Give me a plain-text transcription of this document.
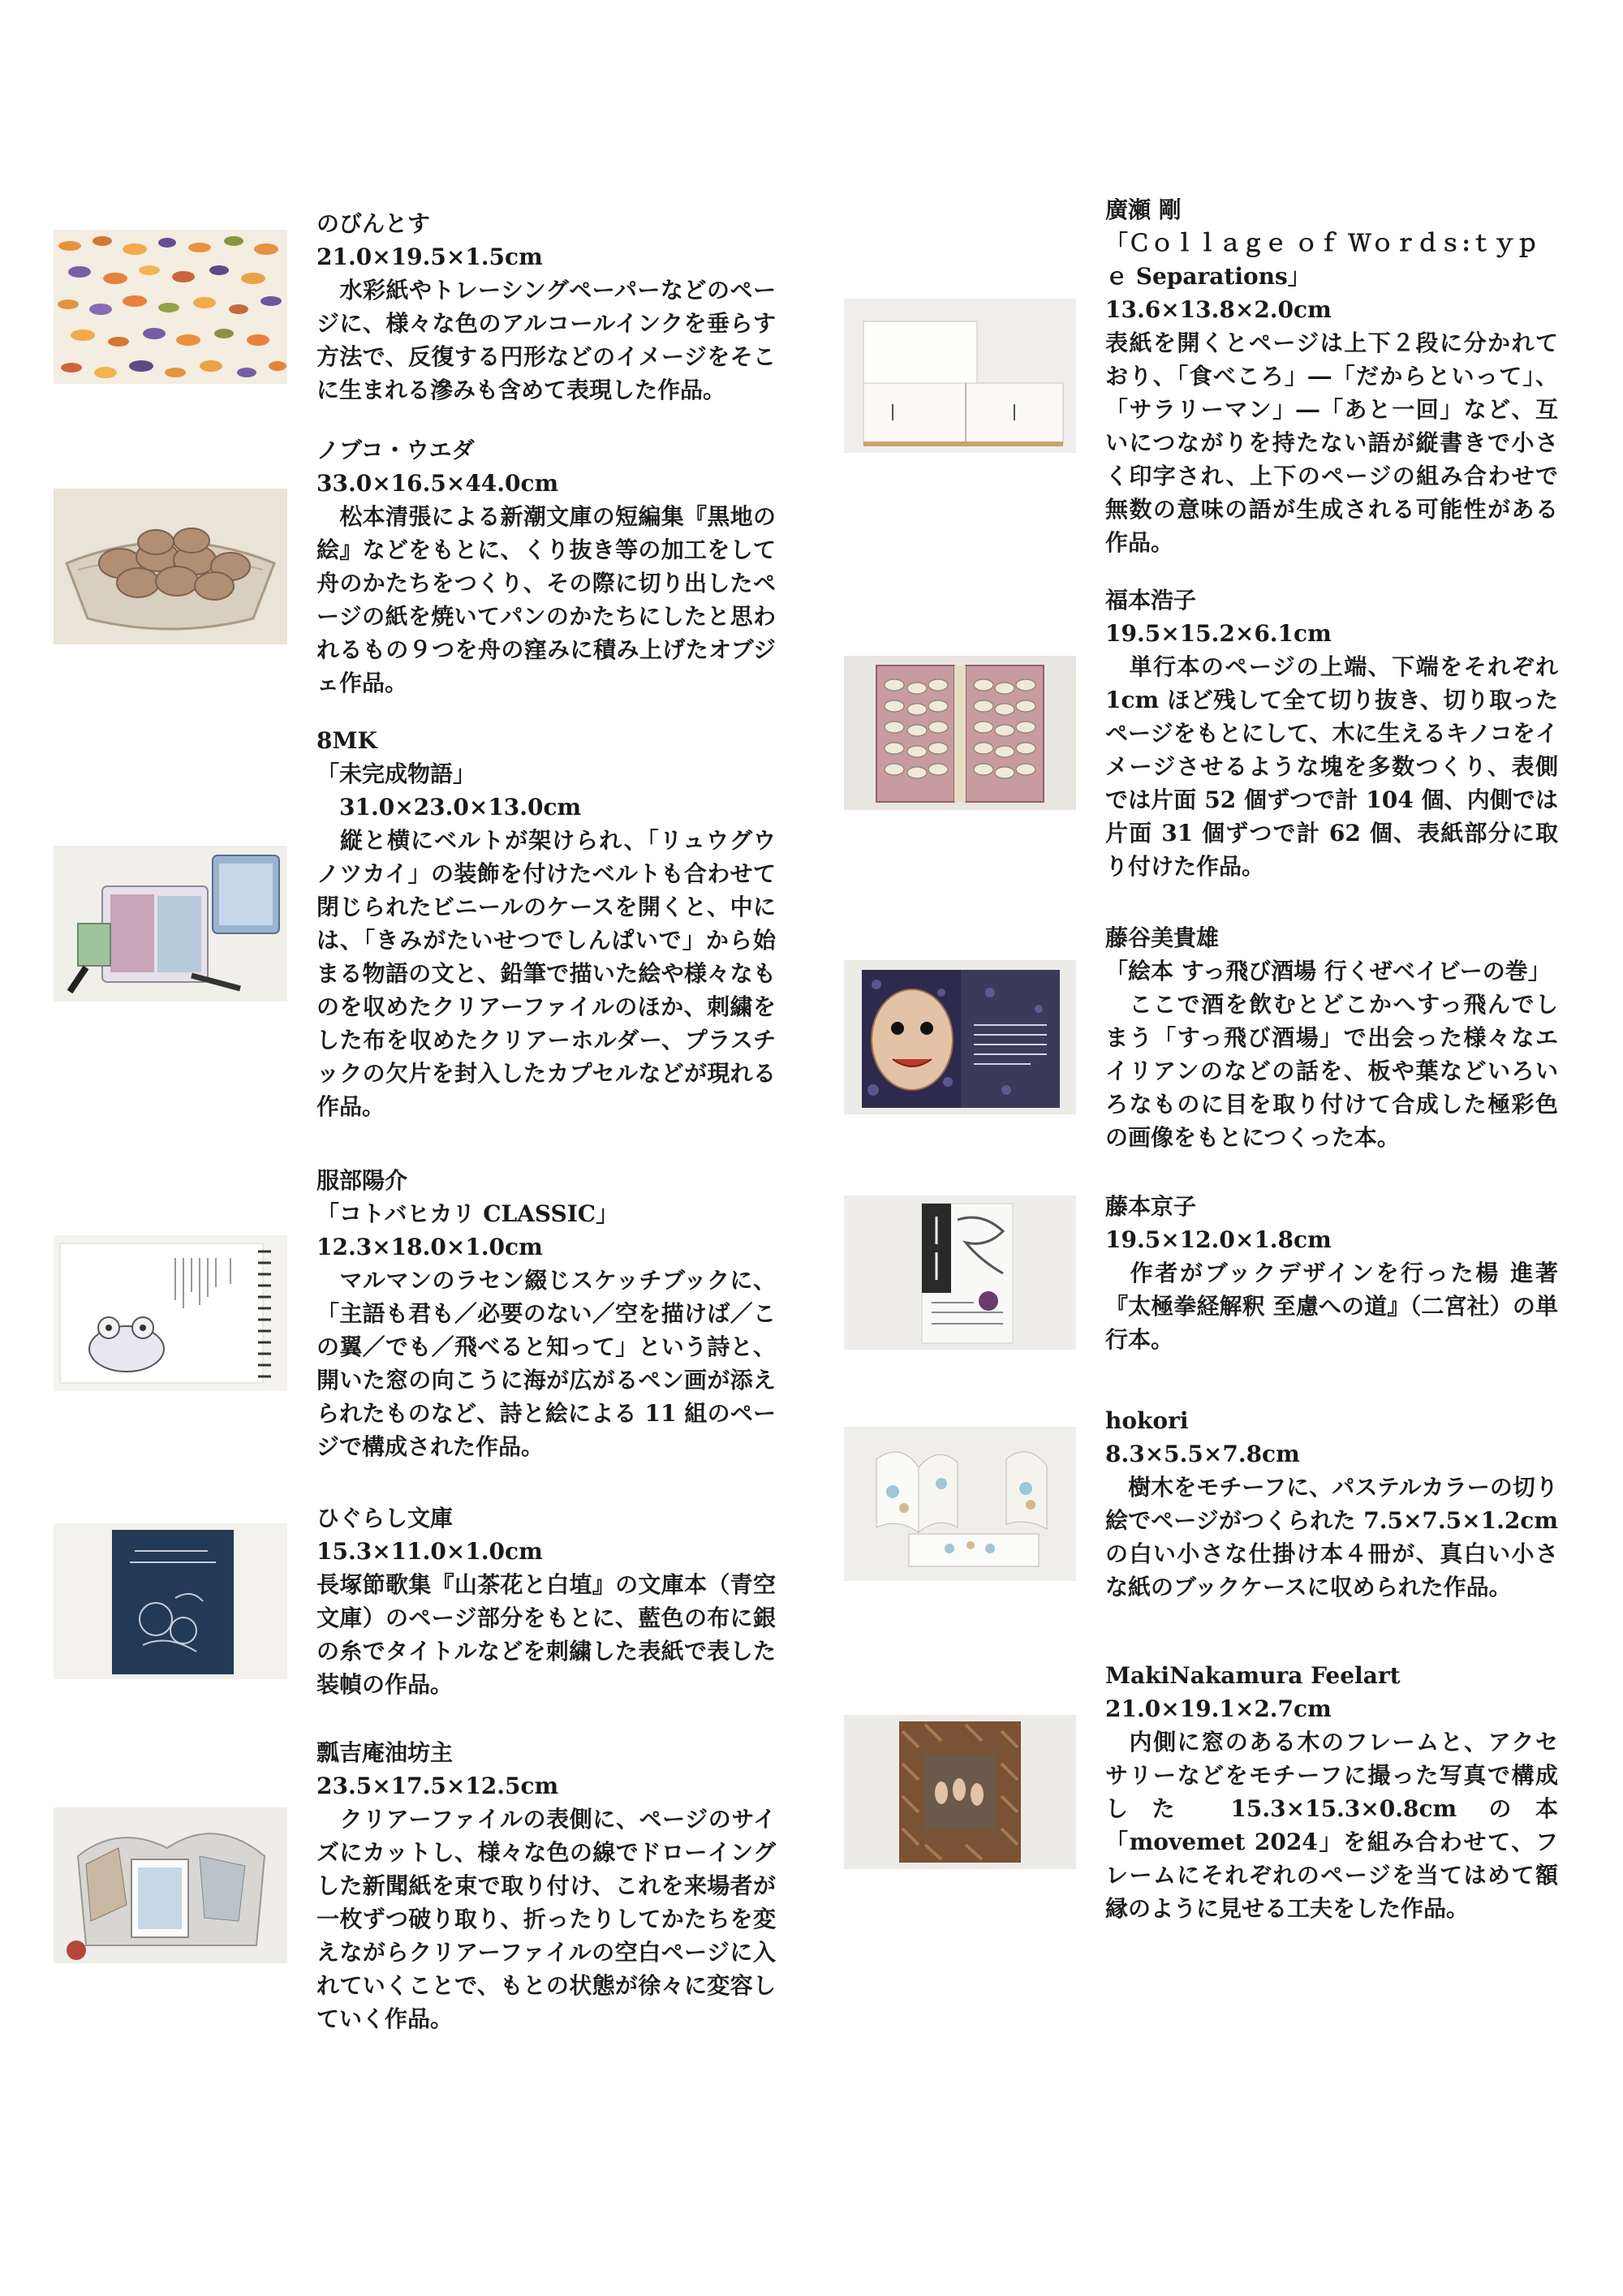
のびんとす
21.0×19.5×1.5cm
　水彩紙やトレーシングペーパーなどのページに、様々な色のアルコールインクを垂らす方法で、反復する円形などのイメージをそこに生まれる滲みも含めて表現した作品。
ノブコ・ウエダ
33.0×16.5×44.0cm
　松本清張による新潮文庫の短編集『黒地の絵』などをもとに、くり抜き等の加工をして舟のかたちをつくり、その際に切り出したページの紙を焼いてパンのかたちにしたと思われるもの９つを舟の窪みに積み上げたオブジェ作品。
8MK
「未完成物語」
　31.0×23.0×13.0cm
　縦と横にベルトが架けられ、「リュウグウノツカイ」の装飾を付けたベルトも合わせて閉じられたビニールのケースを開くと、中には、「きみがたいせつでしんぱいで」から始まる物語の文と、鉛筆で描いた絵や様々なものを収めたクリアーファイルのほか、刺繍をした布を収めたクリアーホルダー、プラスチックの欠片を封入したカプセルなどが現れる作品。
服部陽介
「コトバヒカリ CLASSIC」
12.3×18.0×1.0cm
　マルマンのラセン綴じスケッチブックに、「主語も君も／必要のない／空を描けば／この翼／でも／飛べると知って」という詩と、開いた窓の向こうに海が広がるペン画が添えられたものなど、詩と絵による 11 組のページで構成された作品。
ひぐらし文庫
15.3×11.0×1.0cm
長塚節歌集『山茶花と白埴』の文庫本（青空文庫）のページ部分をもとに、藍色の布に銀の糸でタイトルなどを刺繍した表紙で表した装幀の作品。
瓢吉庵油坊主
23.5×17.5×12.5cm
　クリアーファイルの表側に、ページのサイズにカットし、様々な色の線でドローイングした新聞紙を束で取り付け、これを来場者が一枚ずつ破り取り、折ったりしてかたちを変えながらクリアーファイルの空白ページに入れていくことで、もとの状態が徐々に変容していく作品。
廣瀬 剛
「Ｃｏｌｌａｇｅ ｏｆ Ｗｏｒｄｓ:ｔｙｐｅ Separations」
13.6×13.8×2.0cm
表紙を開くとページは上下２段に分かれており、「食べころ」―「だからといって」、「サラリーマン」―「あと一回」など、互いにつながりを持たない語が縦書きで小さく印字され、上下のページの組み合わせで無数の意味の語が生成される可能性がある作品。
福本浩子
19.5×15.2×6.1cm
　単行本のページの上端、下端をそれぞれ 1cm ほど残して全て切り抜き、切り取ったページをもとにして、木に生えるキノコをイメージさせるような塊を多数つくり、表側では片面 52 個ずつで計 104 個、内側では片面 31 個ずつで計 62 個、表紙部分に取り付けた作品。
藤谷美貴雄
「絵本 すっ飛び酒場 行くぜベイビーの巻」
　ここで酒を飲むとどこかへすっ飛んでしまう「すっ飛び酒場」で出会った様々なエイリアンのなどの話を、板や葉などいろいろなものに目を取り付けて合成した極彩色の画像をもとにつくった本。
藤本京子
19.5×12.0×1.8cm
　作者がブックデザインを行った楊 進著『太極拳経解釈 至慮への道』（二宮社）の単行本。
hokori
8.3×5.5×7.8cm
　樹木をモチーフに、パステルカラーの切り絵でページがつくられた 7.5×7.5×1.2cm の白い小さな仕掛け本４冊が、真白い小さな紙のブックケースに収められた作品。
MakiNakamura Feelart
21.0×19.1×2.7cm
　内側に窓のある木のフレームと、アクセサリーなどをモチーフに撮った写真で構成した 15.3×15.3×0.8cm の本「movemet 2024」を組み合わせて、フレームにそれぞれのページを当てはめて額縁のように見せる工夫をした作品。
